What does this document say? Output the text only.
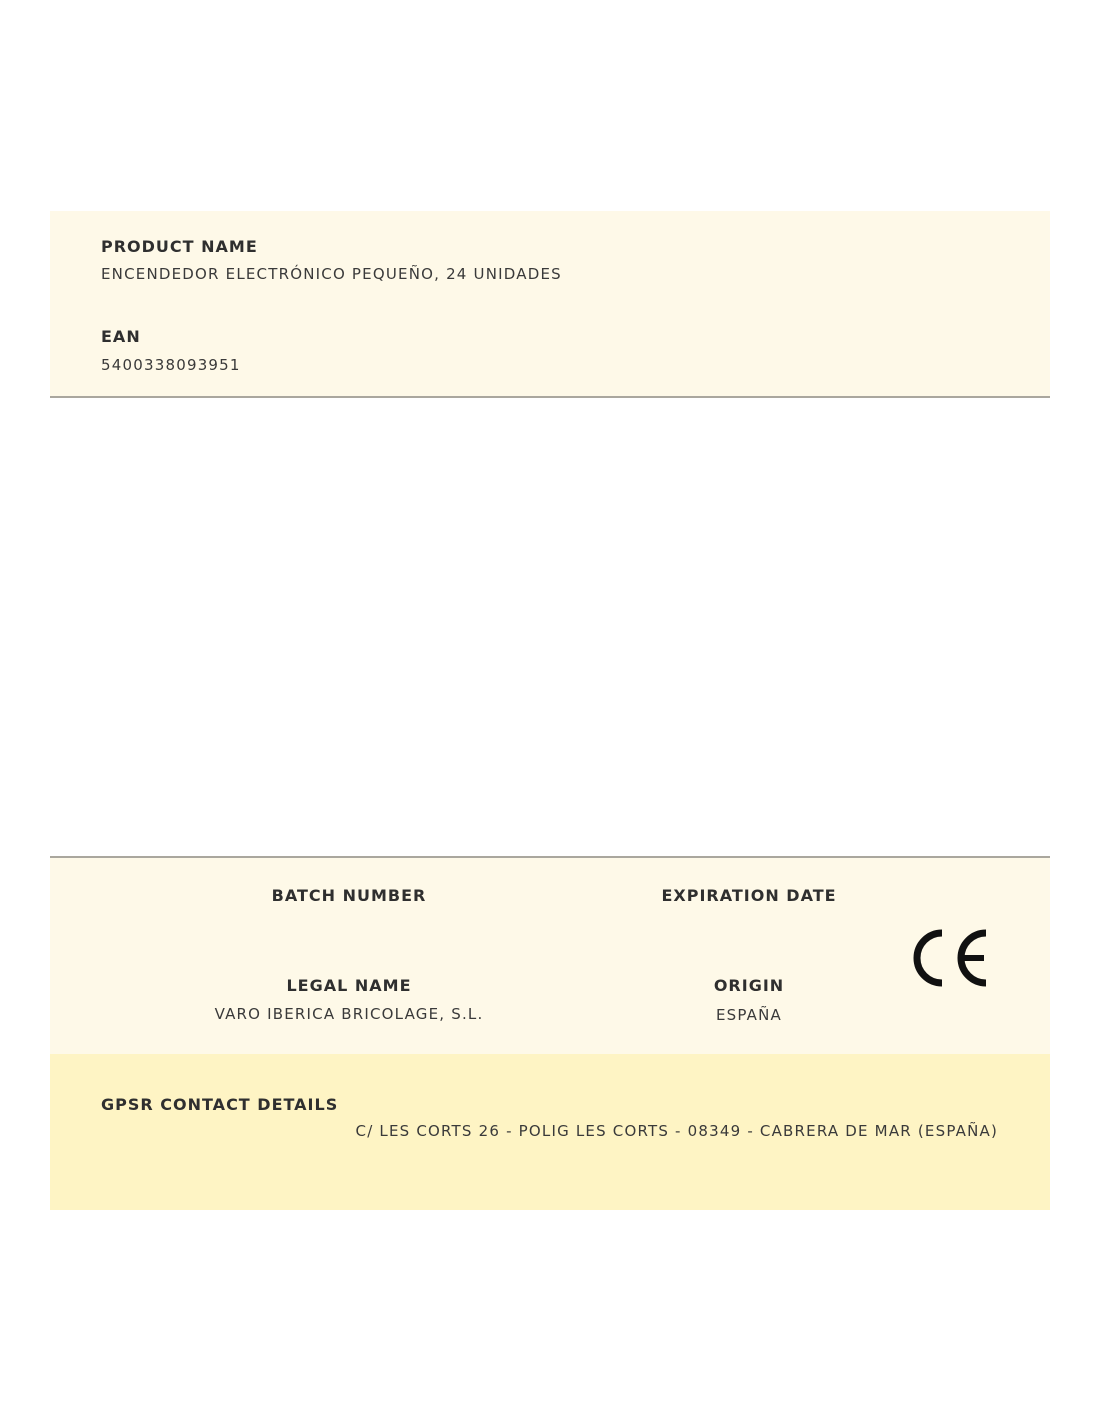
PRODUCT NAME
ENCENDEDOR ELECTRÓNICO PEQUEÑO, 24 UNIDADES
EAN
5400338093951
BATCH NUMBER	EXPIRATION DATE
LEGAL NAME
VARO IBERICA BRICOLAGE, S.L.
ORIGIN
ESPAÑA
GPSR CONTACT DETAILS
C/ LES CORTS 26 - POLIG LES CORTS - 08349 - CABRERA DE MAR (ESPAÑA)
